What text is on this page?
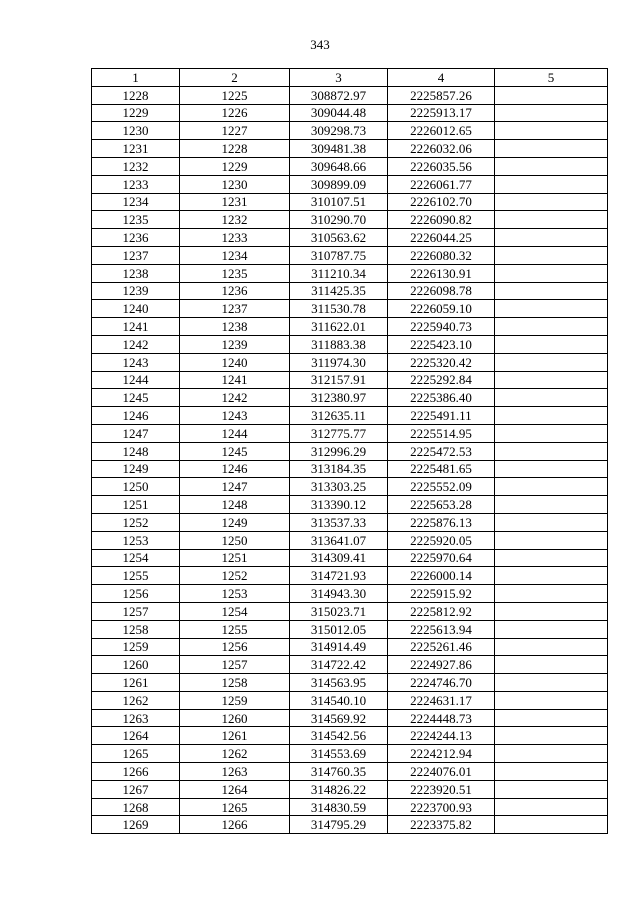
343
1	2	3	4	5
1228	1225	308872.97	2225857.26	
1229	1226	309044.48	2225913.17	
1230	1227	309298.73	2226012.65	
1231	1228	309481.38	2226032.06	
1232	1229	309648.66	2226035.56	
1233	1230	309899.09	2226061.77	
1234	1231	310107.51	2226102.70	
1235	1232	310290.70	2226090.82	
1236	1233	310563.62	2226044.25	
1237	1234	310787.75	2226080.32	
1238	1235	311210.34	2226130.91	
1239	1236	311425.35	2226098.78	
1240	1237	311530.78	2226059.10	
1241	1238	311622.01	2225940.73	
1242	1239	311883.38	2225423.10	
1243	1240	311974.30	2225320.42	
1244	1241	312157.91	2225292.84	
1245	1242	312380.97	2225386.40	
1246	1243	312635.11	2225491.11	
1247	1244	312775.77	2225514.95	
1248	1245	312996.29	2225472.53	
1249	1246	313184.35	2225481.65	
1250	1247	313303.25	2225552.09	
1251	1248	313390.12	2225653.28	
1252	1249	313537.33	2225876.13	
1253	1250	313641.07	2225920.05	
1254	1251	314309.41	2225970.64	
1255	1252	314721.93	2226000.14	
1256	1253	314943.30	2225915.92	
1257	1254	315023.71	2225812.92	
1258	1255	315012.05	2225613.94	
1259	1256	314914.49	2225261.46	
1260	1257	314722.42	2224927.86	
1261	1258	314563.95	2224746.70	
1262	1259	314540.10	2224631.17	
1263	1260	314569.92	2224448.73	
1264	1261	314542.56	2224244.13	
1265	1262	314553.69	2224212.94	
1266	1263	314760.35	2224076.01	
1267	1264	314826.22	2223920.51	
1268	1265	314830.59	2223700.93	
1269	1266	314795.29	2223375.82	
